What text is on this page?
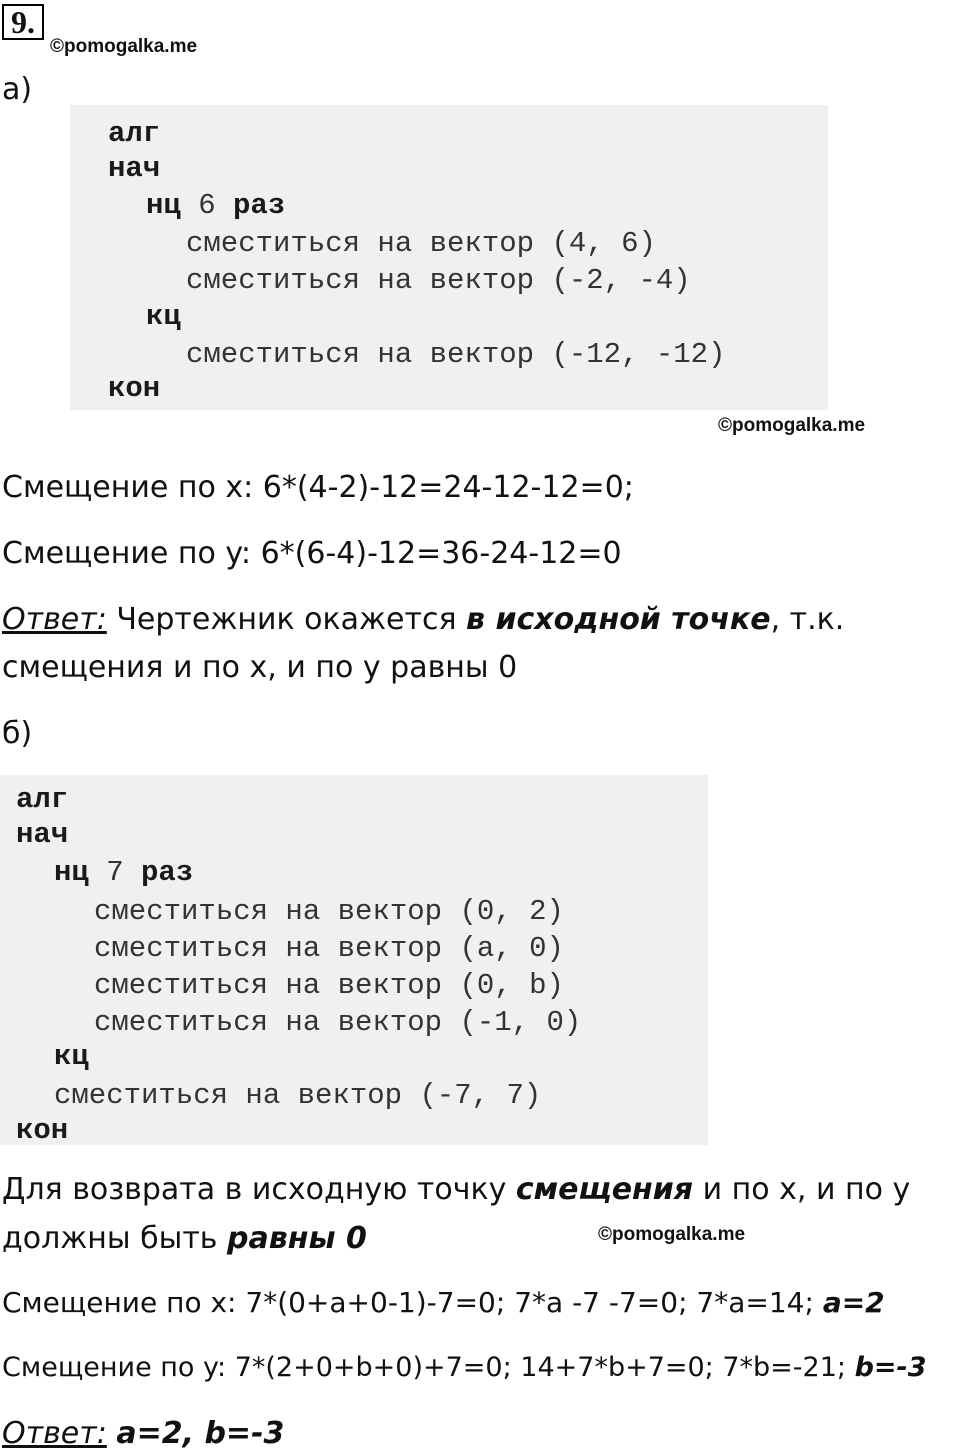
9.
©pomogalka.me
а)
алг
нач
нц 6 раз
сместиться на вектор (4, 6)
сместиться на вектор (-2, -4)
кц
сместиться на вектор (-12, -12)
кон
©pomogalka.me
Смещение по x: 6*(4-2)-12=24-12-12=0;
Смещение по y: 6*(6-4)-12=36-24-12=0
Ответ: Чертежник окажется в исходной точке, т.к.
смещения и по x, и по y равны 0
б)
алг
нач
нц 7 раз
сместиться на вектор (0, 2)
сместиться на вектор (a, 0)
сместиться на вектор (0, b)
сместиться на вектор (-1, 0)
кц
сместиться на вектор (-7, 7)
кон
Для возврата в исходную точку смещения и по x, и по y
должны быть равны 0	©pomogalka.me
Смещение по x: 7*(0+a+0-1)-7=0; 7*a -7 -7=0; 7*a=14; a=2
Смещение по y: 7*(2+0+b+0)+7=0; 14+7*b+7=0; 7*b=-21; b=-3
Ответ: a=2, b=-3
